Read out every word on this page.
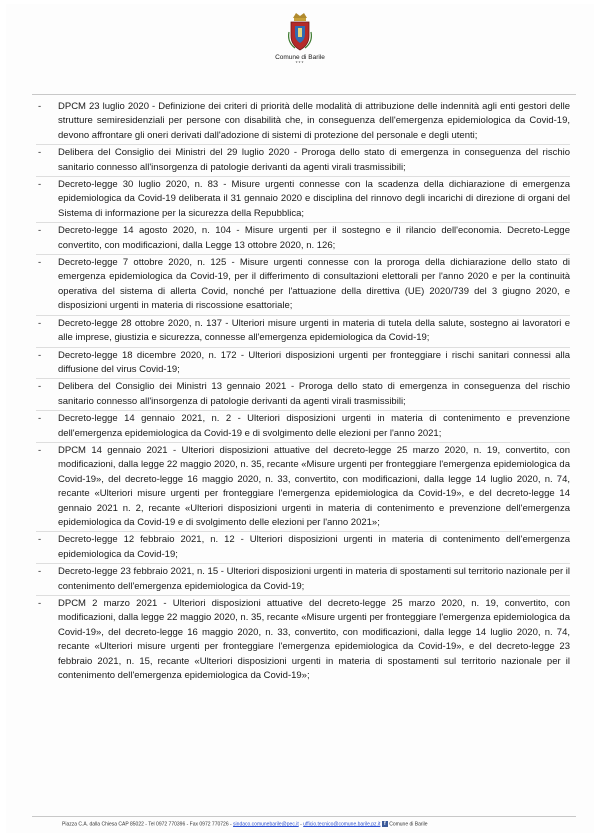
Comune di Barile
***
- DPCM 23 luglio 2020 - Definizione dei criteri di priorità delle modalità di attribuzione delle indennità agli enti gestori delle strutture semiresidenziali per persone con disabilità che, in conseguenza dell'emergenza epidemiologica da Covid-19, devono affrontare gli oneri derivati dall'adozione di sistemi di protezione del personale e degli utenti;
- Delibera del Consiglio dei Ministri del 29 luglio 2020 - Proroga dello stato di emergenza in conseguenza del rischio sanitario connesso all'insorgenza di patologie derivanti da agenti virali trasmissibili;
- Decreto-legge 30 luglio 2020, n. 83 - Misure urgenti connesse con la scadenza della dichiarazione di emergenza epidemiologica da Covid-19 deliberata il 31 gennaio 2020 e disciplina del rinnovo degli incarichi di direzione di organi del Sistema di informazione per la sicurezza della Repubblica;
- Decreto-legge 14 agosto 2020, n. 104 - Misure urgenti per il sostegno e il rilancio dell'economia. Decreto-Legge convertito, con modificazioni, dalla Legge 13 ottobre 2020, n. 126;
- Decreto-legge 7 ottobre 2020, n. 125 - Misure urgenti connesse con la proroga della dichiarazione dello stato di emergenza epidemiologica da Covid-19, per il differimento di consultazioni elettorali per l'anno 2020 e per la continuità operativa del sistema di allerta Covid, nonché per l'attuazione della direttiva (UE) 2020/739 del 3 giugno 2020, e disposizioni urgenti in materia di riscossione esattoriale;
- Decreto-legge 28 ottobre 2020, n. 137 - Ulteriori misure urgenti in materia di tutela della salute, sostegno ai lavoratori e alle imprese, giustizia e sicurezza, connesse all'emergenza epidemiologica da Covid-19;
- Decreto-legge 18 dicembre 2020, n. 172 - Ulteriori disposizioni urgenti per fronteggiare i rischi sanitari connessi alla diffusione del virus Covid-19;
- Delibera del Consiglio dei Ministri 13 gennaio 2021 - Proroga dello stato di emergenza in conseguenza del rischio sanitario connesso all'insorgenza di patologie derivanti da agenti virali trasmissibili;
- Decreto-legge 14 gennaio 2021, n. 2 - Ulteriori disposizioni urgenti in materia di contenimento e prevenzione dell'emergenza epidemiologica da Covid-19 e di svolgimento delle elezioni per l'anno 2021;
- DPCM 14 gennaio 2021 - Ulteriori disposizioni attuative del decreto-legge 25 marzo 2020, n. 19, convertito, con modificazioni, dalla legge 22 maggio 2020, n. 35, recante «Misure urgenti per fronteggiare l'emergenza epidemiologica da Covid-19», del decreto-legge 16 maggio 2020, n. 33, convertito, con modificazioni, dalla legge 14 luglio 2020, n. 74, recante «Ulteriori misure urgenti per fronteggiare l'emergenza epidemiologica da Covid-19», e del decreto-legge 14 gennaio 2021 n. 2, recante «Ulteriori disposizioni urgenti in materia di contenimento e prevenzione dell'emergenza epidemiologica da Covid-19 e di svolgimento delle elezioni per l'anno 2021»;
- Decreto-legge 12 febbraio 2021, n. 12 - Ulteriori disposizioni urgenti in materia di contenimento dell'emergenza epidemiologica da Covid-19;
- Decreto-legge 23 febbraio 2021, n. 15 - Ulteriori disposizioni urgenti in materia di spostamenti sul territorio nazionale per il contenimento dell'emergenza epidemiologica da Covid-19;
- DPCM 2 marzo 2021 - Ulteriori disposizioni attuative del decreto-legge 25 marzo 2020, n. 19, convertito, con modificazioni, dalla legge 22 maggio 2020, n. 35, recante «Misure urgenti per fronteggiare l'emergenza epidemiologica da Covid-19», del decreto-legge 16 maggio 2020, n. 33, convertito, con modificazioni, dalla legge 14 luglio 2020, n. 74, recante «Ulteriori misure urgenti per fronteggiare l'emergenza epidemiologica da Covid-19», e del decreto-legge 23 febbraio 2021, n. 15, recante «Ulteriori disposizioni urgenti in materia di spostamenti sul territorio nazionale per il contenimento dell'emergenza epidemiologica da Covid-19»;
Piazza C.A. dalla Chiesa CAP 85022 - Tel 0972 770396 - Fax 0972 770726 - sindaco.comunebarile@pec.it - ufficio.tecnico@comune.barile.pz.it f Comune di Barile
